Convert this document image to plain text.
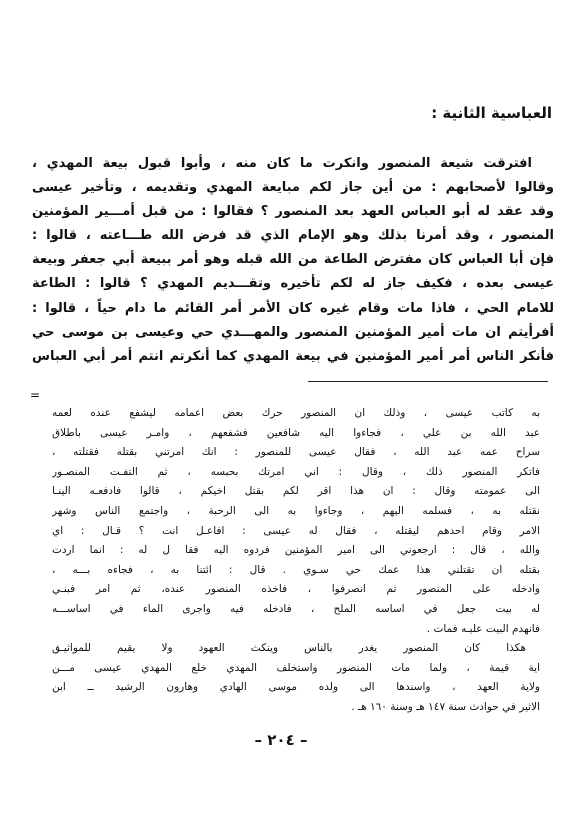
العباسية الثانية :
افترقت شيعة المنصور وانكرت ما كان منه ، وأبوا قبول بيعة المهدي ،
وقالوا لأصحابهم : من أين جاز لكم مبايعة المهدي وتقديمه ، وتأخير عيسى
وقد عقد له أبو العباس العهد بعد المنصور ؟ فقالوا : من قبل أمـــير المؤمنين
المنصور ، وقد أمرنا بذلك وهو الإمام الذي قد فرض الله طـــاعته ، قالوا :
فإن أبا العباس كان مفترض الطاعة من الله قبله وهو أمر ببيعة أبي جعفر وبيعة
عيسى بعده ، فكيف جاز له لكم تأخيره وتقـــديم المهدي ؟ قالوا : الطاعة
للامام الحي ، فاذا مات وقام غيره كان الأمر أمر القائم ما دام حياً ، قالوا :
أفرأيتم ان مات أمير المؤمنين المنصور والمهـــدي حي وعيسى بن موسى حي
فأنكر الناس أمر أمير المؤمنين في بيعة المهدي كما أنكرتم انتم أمر أبي العباس
=
به كاتب عيسى ، وذلك ان المنصور حرك بعض اعمامه ليشفع عنده لعمه
عبد الله بن علي ، فجاءوا اليه شافعين فشفعهم ، وامـر عيسى باطلاق
سراح عمه عبد الله ، فقال عيسى للمنصور : انك امرتني بقتله فقتلته ،
فاتكر المنصور ذلك ، وقال : اني امرتك بحبسه ، ثم التفـت المنصـور
الى عمومته وقال : ان هذا اقر لكم بقتل اخيكم ، قالوا فادفعـه الينـا
نقتله به ، فسلمه اليهم ، وجاءوا به الى الرحبة ، واجتمع الناس وشهر
الامر وقام احدهم ليقتله ، فقال له عيسى : افاعـل انت ؟ قـال : اي
والله ، قال : ارجعوني الى امير المؤمنين فردوه اليه فقا ل له : انما اردت
بقتله ان تقتلني هذا عمك حي سـوي . قال : ائتنا به ، فجاءه بـــه ،
وادخله على المنصور ثم انصرفوا ، فاخذه المنصور عنده، ثم امر فبنـي
له بيت جعل في اساسه الملح ، فادخله فيه واجرى الماء في اساســـه
فانهدم البيت عليـه فمات .
هكذا كان المنصور يغدر بالناس وينكث العهود ولا يقيم للمواثيـق
اية قيمة ، ولما مات المنصور واستخلف المهدي خلع المهدي عيسى مـــن
ولاية العهد ، واسندها الى ولده موسى الهادي وهارون الرشيد ــ ابن
الاثير في حوادث سنة ١٤٧ هـ وسنة ١٦٠ هـ .
– ٢٠٤ –
